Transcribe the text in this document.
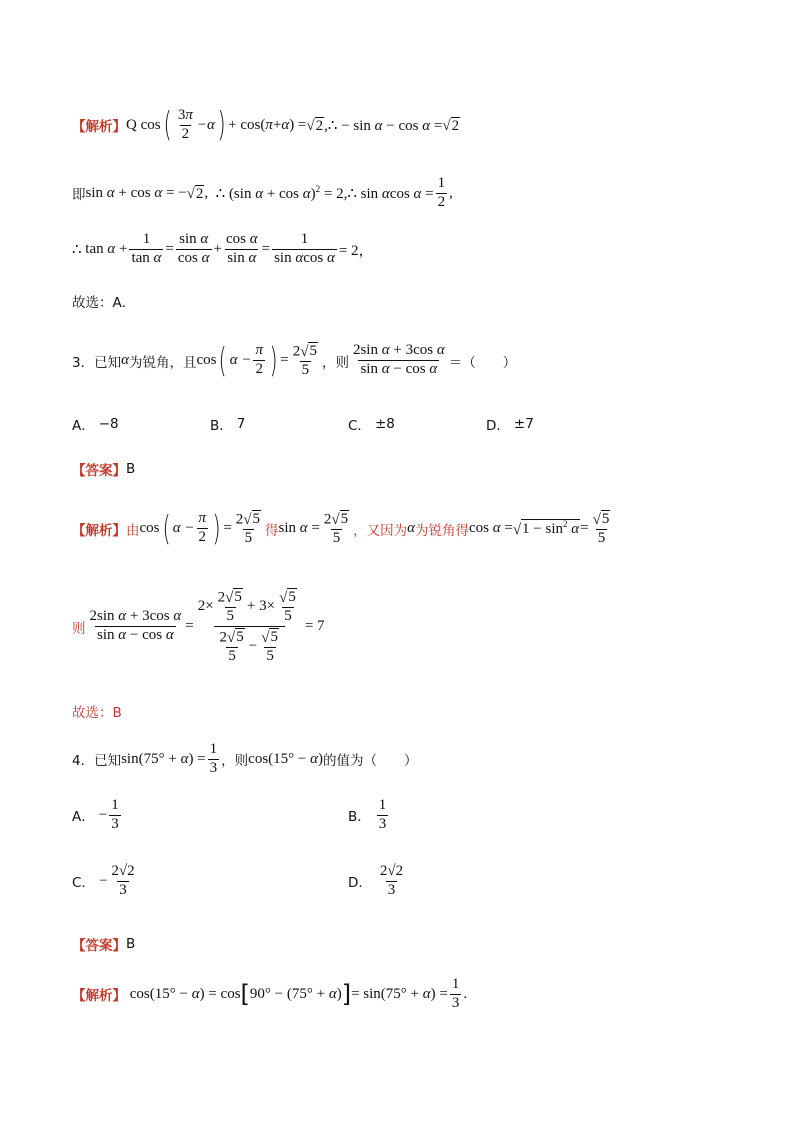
【解析】 Q cos ( $\frac{3\pi}{2} -\alpha$ ) + cos(π+α) = √ 2 ,∴ − sin α − cos α = √ 2
即 sin α + cos α = − √ 2 , ∴ (sin α + cos α)$^2$ = 2,∴ sin αcos $\alpha = \frac{1}{2}$ ,
∴ $\tan \alpha + \frac{1}{\text{tan α}} = \frac{\text{sin α}}{\text{cos α}} + \frac{\text{cos α}}{\text{sin α}} = \frac{1}{\text{sin αcos α}} = 2$，
故选：A．
3． 已知 α 为锐角，且 cos ( $\alpha - \frac{\pi}{2}$ ) = $\frac{2 √ 5}{5}$ ，则 $\frac{\text{2sin α + 3cos α}}{\text{sin α − cos α}}$ ＝（　　）
A． −8	B． 7	C． ±8	D． ±7
【答案】 B
【解析】 由 cos ( $\alpha - \frac{\pi}{2}$ ) = $\frac{2 √ 5}{5}$ 得 $\sin \alpha = \frac{2 √ 5}{5}$ ，又因为 α 为锐角得 cos α = √ $1 - \sin^2 \alpha = \frac{√ 5}{5}$
则 $\frac{\text{2sin α + 3cos α}}{\text{sin α − cos α}} = \frac{2\times \frac{2 √ 5}{5} + 3\times \frac{√ 5}{5}}{\frac{2 √ 5}{5} - \frac{√ 5}{5}} = 7$
故选：B
4． 已知 $\sin(75^\circ + \alpha) = \frac{1}{3}$ ，则 cos(15° − α) 的值为（　　）
A． − $\frac{1}{3}$	B． $\frac{1}{3}$
C． − $\frac{2√2}{3}$	D． $\frac{2√2}{3}$
【答案】 B
【解析】 cos(15° − α) = cos [ 90° − (75° + α) ] = $\sin(75^\circ + \alpha) = \frac{1}{3}$ .
